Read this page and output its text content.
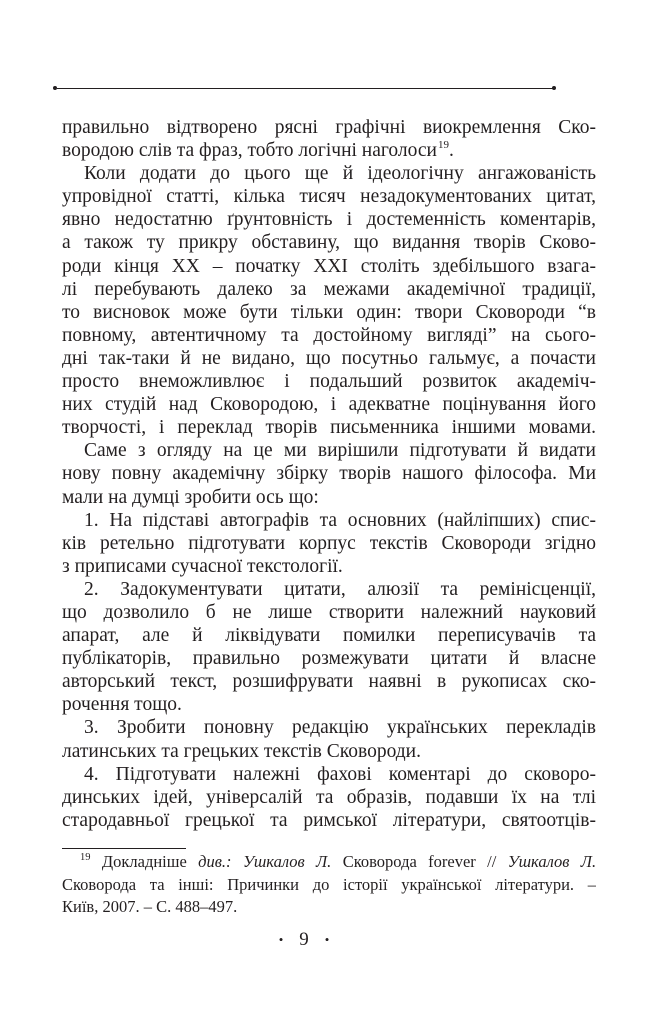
правильно відтворено рясні графічні виокремлення Ско-
вородою слів та фраз, тобто логічні наголоси$^{19}$.
Коли додати до цього ще й ідеологічну ангажованість
упровідної статті, кілька тисяч незадокументованих цитат,
явно недостатню ґрунтовність і достеменність коментарів,
а також ту прикру обставину, що видання творів Сково-
роди кінця XX – початку XXI століть здебільшого взага-
лі перебувають далеко за межами академічної традиції,
то висновок може бути тільки один: твори Сковороди “в
повному, автентичному та достойному вигляді” на сього-
дні так-таки й не видано, що посутньо гальмує, а почасти
просто внеможливлює і подальший розвиток академіч-
них студій над Сковородою, і адекватне поцінування його
творчості, і переклад творів письменника іншими мовами.
Саме з огляду на це ми вирішили підготувати й видати
нову повну академічну збірку творів нашого філософа. Ми
мали на думці зробити ось що:
1. На підставі автографів та основних (найліпших) спис-
ків ретельно підготувати корпус текстів Сковороди згідно
з приписами сучасної текстології.
2. Задокументувати цитати, алюзії та ремінісценції,
що дозволило б не лише створити належний науковий
апарат, але й ліквідувати помилки переписувачів та
публікаторів, правильно розмежувати цитати й власне
авторський текст, розшифрувати наявні в рукописах ско-
рочення тощо.
3. Зробити поновну редакцію українських перекладів
латинських та грецьких текстів Сковороди.
4. Підготувати належні фахові коментарі до сковоро-
динських ідей, універсалій та образів, подавши їх на тлі
стародавньої грецької та римської літератури, святоотців-
$^{19}$ Докладніше див.: Ушкалов Л. Сковорода forever // Ушкалов Л.
Сковорода та інші: Причинки до історії української літератури. –
Київ, 2007. – С. 488–497.
• 9 •
